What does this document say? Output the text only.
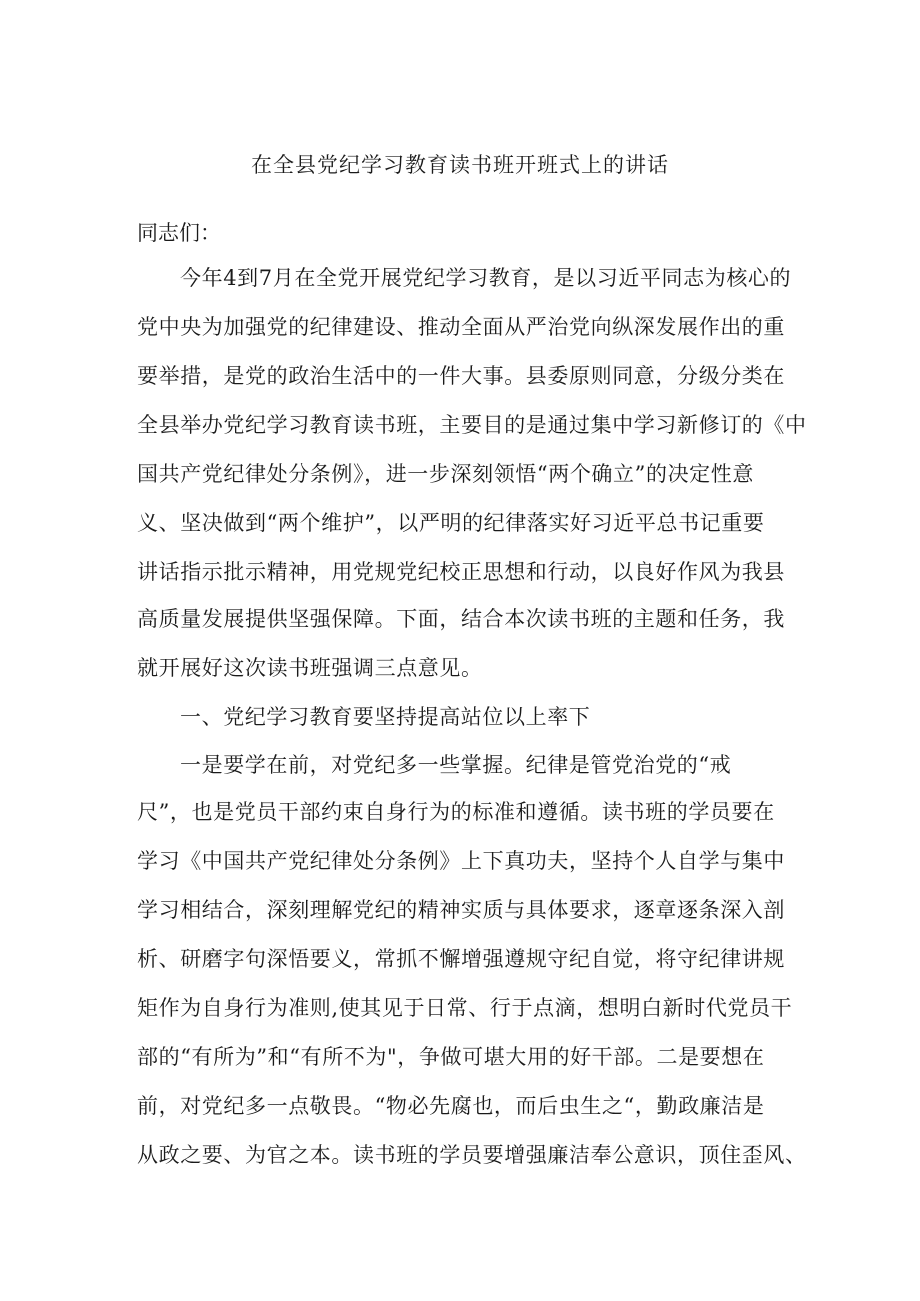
在全县党纪学习教育读书班开班式上的讲话
同志们：
今年4到7月在全党开展党纪学习教育，是以习近平同志为核心的
党中央为加强党的纪律建设、推动全面从严治党向纵深发展作出的重
要举措，是党的政治生活中的一件大事。县委原则同意，分级分类在
全县举办党纪学习教育读书班，主要目的是通过集中学习新修订的《中
国共产党纪律处分条例》，进一步深刻领悟“两个确立”的决定性意
义、坚决做到“两个维护”，以严明的纪律落实好习近平总书记重要
讲话指示批示精神，用党规党纪校正思想和行动，以良好作风为我县
高质量发展提供坚强保障。下面，结合本次读书班的主题和任务，我
就开展好这次读书班强调三点意见。
一、党纪学习教育要坚持提高站位以上率下
一是要学在前，对党纪多一些掌握。纪律是管党治党的“戒
尺”，也是党员干部约束自身行为的标准和遵循。读书班的学员要在
学习《中国共产党纪律处分条例》上下真功夫，坚持个人自学与集中
学习相结合，深刻理解党纪的精神实质与具体要求，逐章逐条深入剖
析、研磨字句深悟要义，常抓不懈增强遵规守纪自觉，将守纪律讲规
矩作为自身行为准则,使其见于日常、行于点滴，想明白新时代党员干
部的“有所为”和“有所不为"，争做可堪大用的好干部。二是要想在
前，对党纪多一点敬畏。“物必先腐也，而后虫生之“，勤政廉洁是
从政之要、为官之本。读书班的学员要增强廉洁奉公意识，顶住歪风、
